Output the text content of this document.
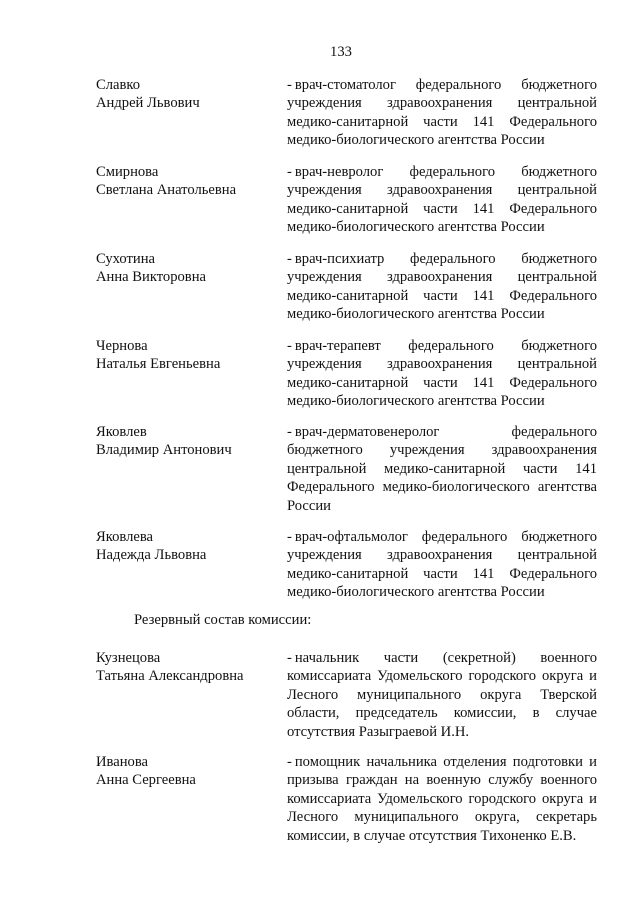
133
Славко
Андрей Львович
- врач-стоматолог федерального бюджетного учреждения здравоохранения центральной медико-санитарной части 141 Федерального медико-биологического агентства России
Смирнова
Светлана Анатольевна
- врач-невролог федерального бюджетного учреждения здравоохранения центральной медико-санитарной части 141 Федерального медико-биологического агентства России
Сухотина
Анна Викторовна
- врач-психиатр федерального бюджетного учреждения здравоохранения центральной медико-санитарной части 141 Федерального медико-биологического агентства России
Чернова
Наталья Евгеньевна
- врач-терапевт федерального бюджетного учреждения здравоохранения центральной медико-санитарной части 141 Федерального медико-биологического агентства России
Яковлев
Владимир Антонович
- врач-дерматовенеролог федерального бюджетного учреждения здравоохранения центральной медико-санитарной части 141 Федерального медико-биологического агентства России
Яковлева
Надежда Львовна
- врач-офтальмолог федерального бюджетного учреждения здравоохранения центральной медико-санитарной части 141 Федерального медико-биологического агентства России
Резервный состав комиссии:
Кузнецова
Татьяна Александровна
- начальник части (секретной) военного комиссариата Удомельского городского округа и Лесного муниципального округа Тверской области, председатель комиссии, в случае отсутствия Разыграевой И.Н.
Иванова
Анна Сергеевна
- помощник начальника отделения подготовки и призыва граждан на военную службу военного комиссариата Удомельского городского округа и Лесного муниципального округа, секретарь комиссии, в случае отсутствия Тихоненко Е.В.
